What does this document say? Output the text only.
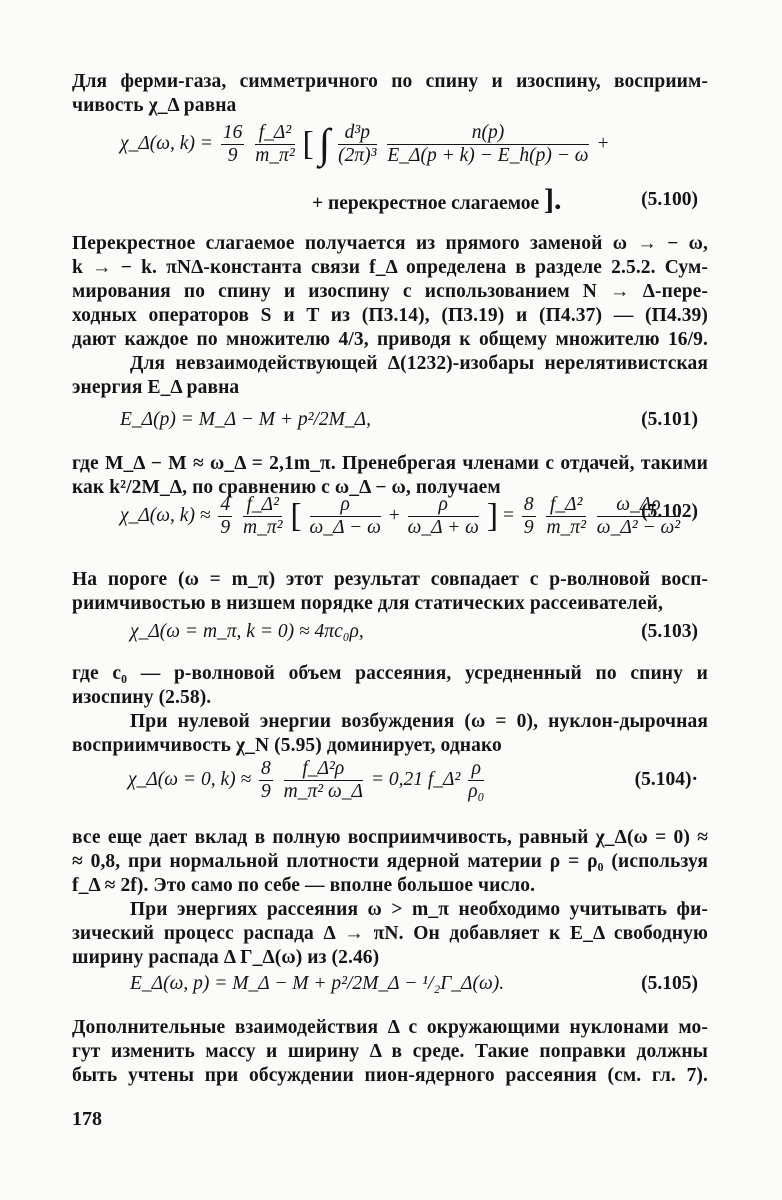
Для ферми-газа, симметричного по спину и изоспину, восприим-
чивость χ_Δ равна
χ_Δ(ω, $k) = \frac{16}{9}$
$\frac{\text{f\_Δ²}}{\text{m\_π²}}$ [ ∫ $\frac{\text{d³p}}{\text{(2π)³}}$
$\frac{n(p)}{E\_\Delta(p + k) - E\_h(p) - \omega}$ +
+ перекрестное слагаемое ].	(5.100)
Перекрестное слагаемое получается из прямого заменой ω → − ω,
k → − k. πNΔ-константа связи f_Δ определена в разделе 2.5.2. Сум-
мирования по спину и изоспину с использованием N → Δ-пере-
ходных операторов S и T из (П3.14), (П3.19) и (П4.37) — (П4.39)
дают каждое по множителю 4/3, приводя к общему множителю 16/9.
Для невзаимодействующей Δ(1232)-изобары нерелятивистская
энергия E_Δ равна
E_Δ(p) = M_Δ − M + p²/2M_Δ,	(5.101)
где M_Δ − M ≈ ω_Δ = 2,1m_π. Пренебрегая членами с отдачей, такими
как k²/2M_Δ, по сравнению с ω_Δ − ω, получаем
χ_Δ(ω, $k) \approx \frac{4}{9}$
$\frac{\text{f\_Δ²}}{\text{m\_π²}}$ [ $\frac{\rho}{\omega\_\Delta - \omega} + \frac{\rho}{\omega\_\Delta + \omega}$ ] = $\frac{8}{9}$
$\frac{\text{f\_Δ²}}{\text{m\_π²}}$
$\frac{\omega\_\Delta\rho}{\text{ω\_Δ² − ω²}}$
(5.102)
На пороге (ω = m_π) этот результат совпадает с p-волновой восп-
риимчивостью в низшем порядке для статических рассеивателей,
χ_Δ(ω = m_π, k = 0) ≈ 4πc₀ρ,	(5.103)
где c₀ — p-волновой объем рассеяния, усредненный по спину и
изоспину (2.58).
При нулевой энергии возбуждения (ω = 0), нуклон-дырочная
восприимчивость χ_N (5.95) доминирует, однако
χ_Δ(ω = 0, $k) \approx \frac{8}{9}$
$\frac{\text{f\_Δ²ρ}}{\text{m\_π² ω\_Δ}} = 0,21$ f_Δ² $\frac{\rho}{\text{ρ₀}}$	(5.104) ·
все еще дает вклад в полную восприимчивость, равный χ_Δ(ω = 0) ≈
≈ 0,8, при нормальной плотности ядерной материи ρ = ρ₀ (используя
f_Δ ≈ 2f). Это само по себе — вполне большое число.
При энергиях рассеяния ω > m_π необходимо учитывать фи-
зический процесс распада Δ → πN. Он добавляет к E_Δ свободную
ширину распада Δ Γ_Δ(ω) из (2.46)
E_Δ(ω, p) = M_Δ − M + p²/2M_Δ − ¹/₂Γ_Δ(ω).	(5.105)
Дополнительные взаимодействия Δ с окружающими нуклонами мо-
гут изменить массу и ширину Δ в среде. Такие поправки должны
быть учтены при обсуждении пион-ядерного рассеяния (см. гл. 7).
178
